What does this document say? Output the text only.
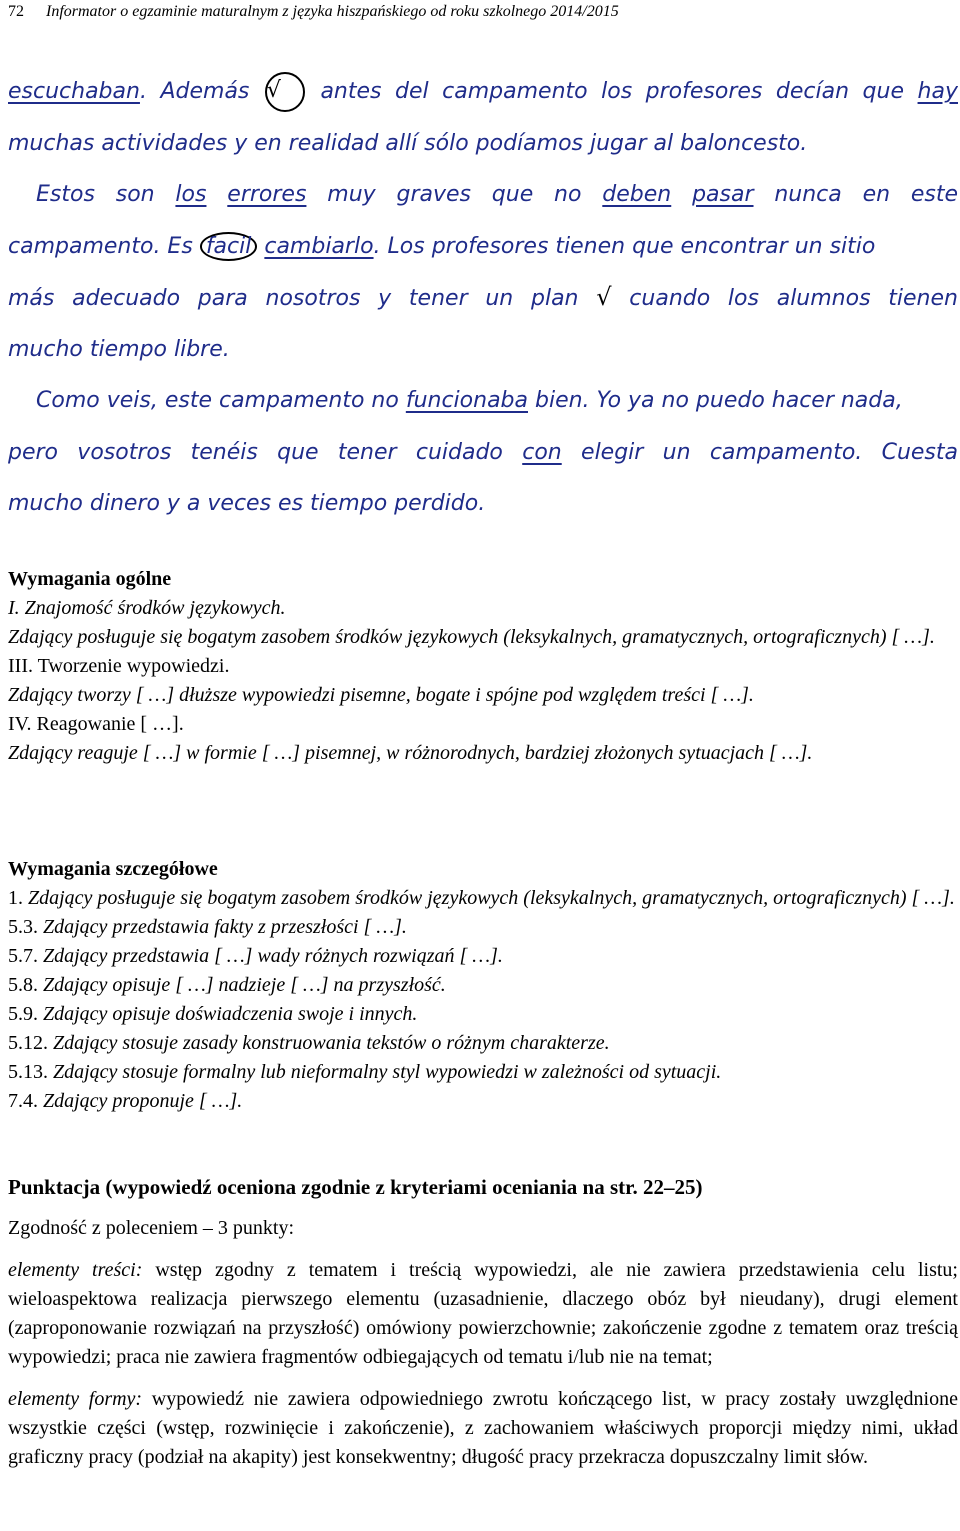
72 Informator o egzaminie maturalnym z języka hiszpańskiego od roku szkolnego 2014/2015
escuchaban. Además √ antes del campamento los profesores decían que hay
muchas actividades y en realidad allí sólo podíamos jugar al baloncesto.
Estos son los errores muy graves que no deben pasar nunca en este
campamento. Es facil cambiarlo. Los profesores tienen que encontrar un sitio
más adecuado para nosotros y tener un plan √ cuando los alumnos tienen
mucho tiempo libre.
Como veis, este campamento no funcionaba bien. Yo ya no puedo hacer nada,
pero vosotros tenéis que tener cuidado con elegir un campamento. Cuesta
mucho dinero y a veces es tiempo perdido.

Wymagania ogólne

I. Znajomość środków językowych.

Zdający posługuje się bogatym zasobem środków językowych (leksykalnych, gramatycznych, ortograficznych) [ …].

III. Tworzenie wypowiedzi.

Zdający tworzy [ …] dłuższe wypowiedzi pisemne, bogate i spójne pod względem treści [ …].

IV. Reagowanie [ …].

Zdający reaguje [ …] w formie [ …] pisemnej, w różnorodnych, bardziej złożonych sytuacjach [ …].

Wymagania szczegółowe

1. Zdający posługuje się bogatym zasobem środków językowych (leksykalnych, gramatycznych, ortograficznych) [ …].

5.3. Zdający przedstawia fakty z przeszłości [ …].

5.7. Zdający przedstawia [ …] wady różnych rozwiązań [ …].

5.8. Zdający opisuje [ …] nadzieje [ …] na przyszłość.

5.9. Zdający opisuje doświadczenia swoje i innych.

5.12. Zdający stosuje zasady konstruowania tekstów o różnym charakterze.

5.13. Zdający stosuje formalny lub nieformalny styl wypowiedzi w zależności od sytuacji.

7.4. Zdający proponuje [ …].

Punktacja (wypowiedź oceniona zgodnie z kryteriami oceniania na str. 22–25)

Zgodność z poleceniem – 3 punkty:

elementy treści: wstęp zgodny z tematem i treścią wypowiedzi, ale nie zawiera przedstawienia celu listu; wieloaspektowa realizacja pierwszego elementu (uzasadnienie, dlaczego obóz był nieudany), drugi element (zaproponowanie rozwiązań na przyszłość) omówiony powierzchownie; zakończenie zgodne z tematem oraz treścią wypowiedzi; praca nie zawiera fragmentów odbiegających od tematu i/lub nie na temat;

elementy formy: wypowiedź nie zawiera odpowiedniego zwrotu kończącego list, w pracy zostały uwzględnione wszystkie części (wstęp, rozwinięcie i zakończenie), z zachowaniem właściwych proporcji między nimi, układ graficzny pracy (podział na akapity) jest konsekwentny; długość pracy przekracza dopuszczalny limit słów.
